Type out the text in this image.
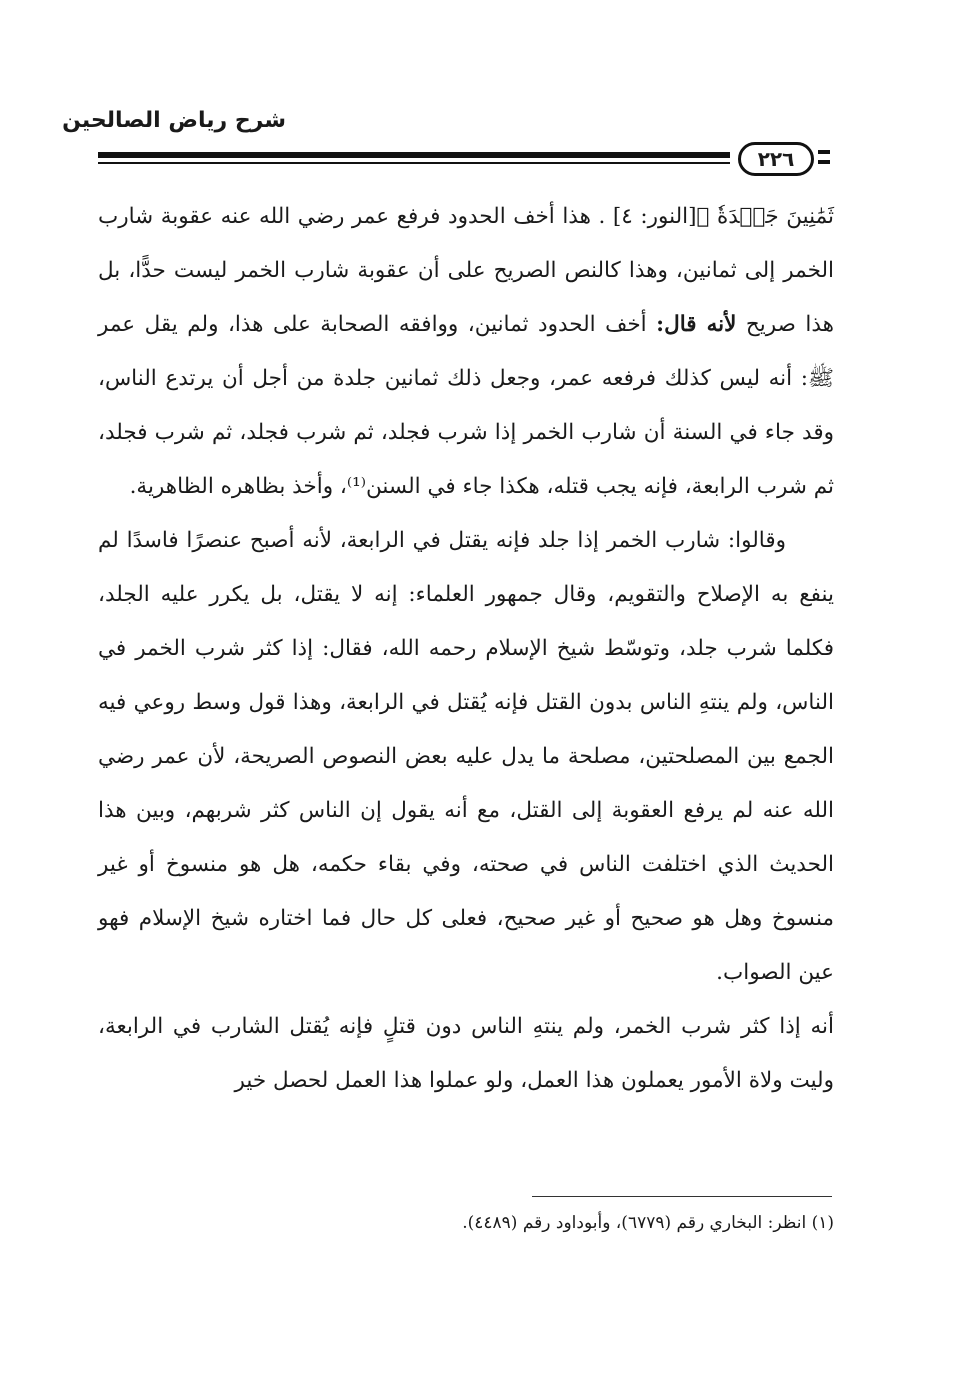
شرح رياض الصالحين
٢٢٦

ثَمَٰنِينَ جَلۡدَةٗ ﴾[النور: ٤] . هذا أخف الحدود فرفع عمر رضي الله عنه عقوبة شارب الخمر إلى ثمانين، وهذا كالنص الصريح على أن عقوبة شارب الخمر ليست حدًّا، بل هذا صريح لأنه قال: أخف الحدود ثمانين، ووافقه الصحابة على هذا، ولم يقل عمر ﷺ: أنه ليس كذلك فرفعه عمر، وجعل ذلك ثمانين جلدة من أجل أن يرتدع الناس، وقد جاء في السنة أن شارب الخمر إذا شرب فجلد، ثم شرب فجلد، ثم شرب فجلد، ثم شرب الرابعة، فإنه يجب قتله، هكذا جاء في السنن⁽¹⁾، وأخذ بظاهره الظاهرية.

وقالوا: شارب الخمر إذا جلد فإنه يقتل في الرابعة، لأنه أصبح عنصرًا فاسدًا لم ينفع به الإصلاح والتقويم، وقال جمهور العلماء: إنه لا يقتل، بل يكرر عليه الجلد، فكلما شرب جلد، وتوسّط شيخ الإسلام رحمه الله، فقال: إذا كثر شرب الخمر في الناس، ولم ينتهِ الناس بدون القتل فإنه يُقتل في الرابعة، وهذا قول وسط روعي فيه الجمع بين المصلحتين، مصلحة ما يدل عليه بعض النصوص الصريحة، لأن عمر رضي الله عنه لم يرفع العقوبة إلى القتل، مع أنه يقول إن الناس كثر شربهم، وبين هذا الحديث الذي اختلفت الناس في صحته، وفي بقاء حكمه، هل هو منسوخ أو غير منسوخ وهل هو صحيح أو غير صحيح، فعلى كل حال فما اختاره شيخ الإسلام فهو عين الصواب.

أنه إذا كثر شرب الخمر، ولم ينتهِ الناس دون قتلٍ فإنه يُقتل الشارب في الرابعة، وليت ولاة الأمور يعملون هذا العمل، ولو عملوا هذا العمل لحصل خير

(١) انظر: البخاري رقم (٦٧٧٩)، وأبوداود رقم (٤٤٨٩).
